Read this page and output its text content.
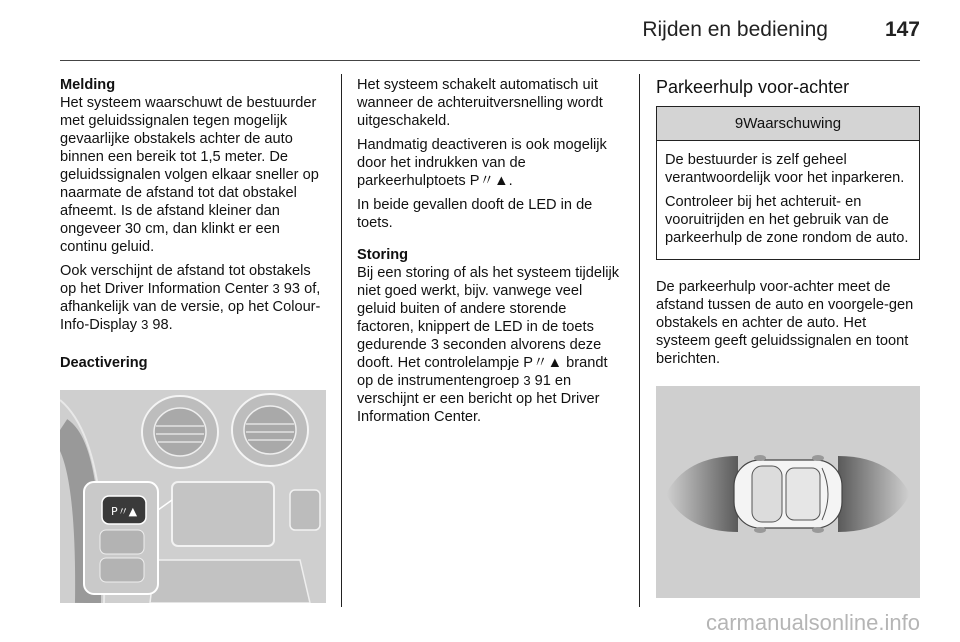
Rijden en bediening	147
Melding

Het systeem waarschuwt de bestuurder met geluidssignalen tegen mogelijk gevaarlijke obstakels achter de auto binnen een bereik tot 1,5 meter. De geluidssignalen volgen elkaar sneller op naarmate de afstand tot dat obstakel afneemt. Is de afstand kleiner dan ongeveer 30 cm, dan klinkt er een continu geluid.

Ook verschijnt de afstand tot obstakels op het Driver Information Center 3 93 of, afhankelijk van de versie, op het Colour-Info-Display 3 98.

Deactivering
P〃▲

Het systeem schakelt automatisch uit wanneer de achteruitversnelling wordt uitgeschakeld.

Handmatig deactiveren is ook mogelijk door het indrukken van de parkeerhulptoets P〃▲.

In beide gevallen dooft de LED in de toets.

Storing

Bij een storing of als het systeem tijdelijk niet goed werkt, bijv. vanwege veel geluid buiten of andere storende factoren, knippert de LED in de toets gedurende 3 seconden alvorens deze dooft. Het controlelampje P〃▲ brandt op de instrumentengroep 3 91 en verschijnt er een bericht op het Driver Information Center.

Parkeerhulp voor-achter
9Waarschuwing

De bestuurder is zelf geheel verantwoordelijk voor het inparkeren.

Controleer bij het achteruit- en vooruitrijden en het gebruik van de parkeerhulp de zone rondom de auto.

De parkeerhulp voor-achter meet de afstand tussen de auto en voorgele-gen obstakels en achter de auto. Het systeem geeft geluidssignalen en toont berichten.

carmanualsonline.info
